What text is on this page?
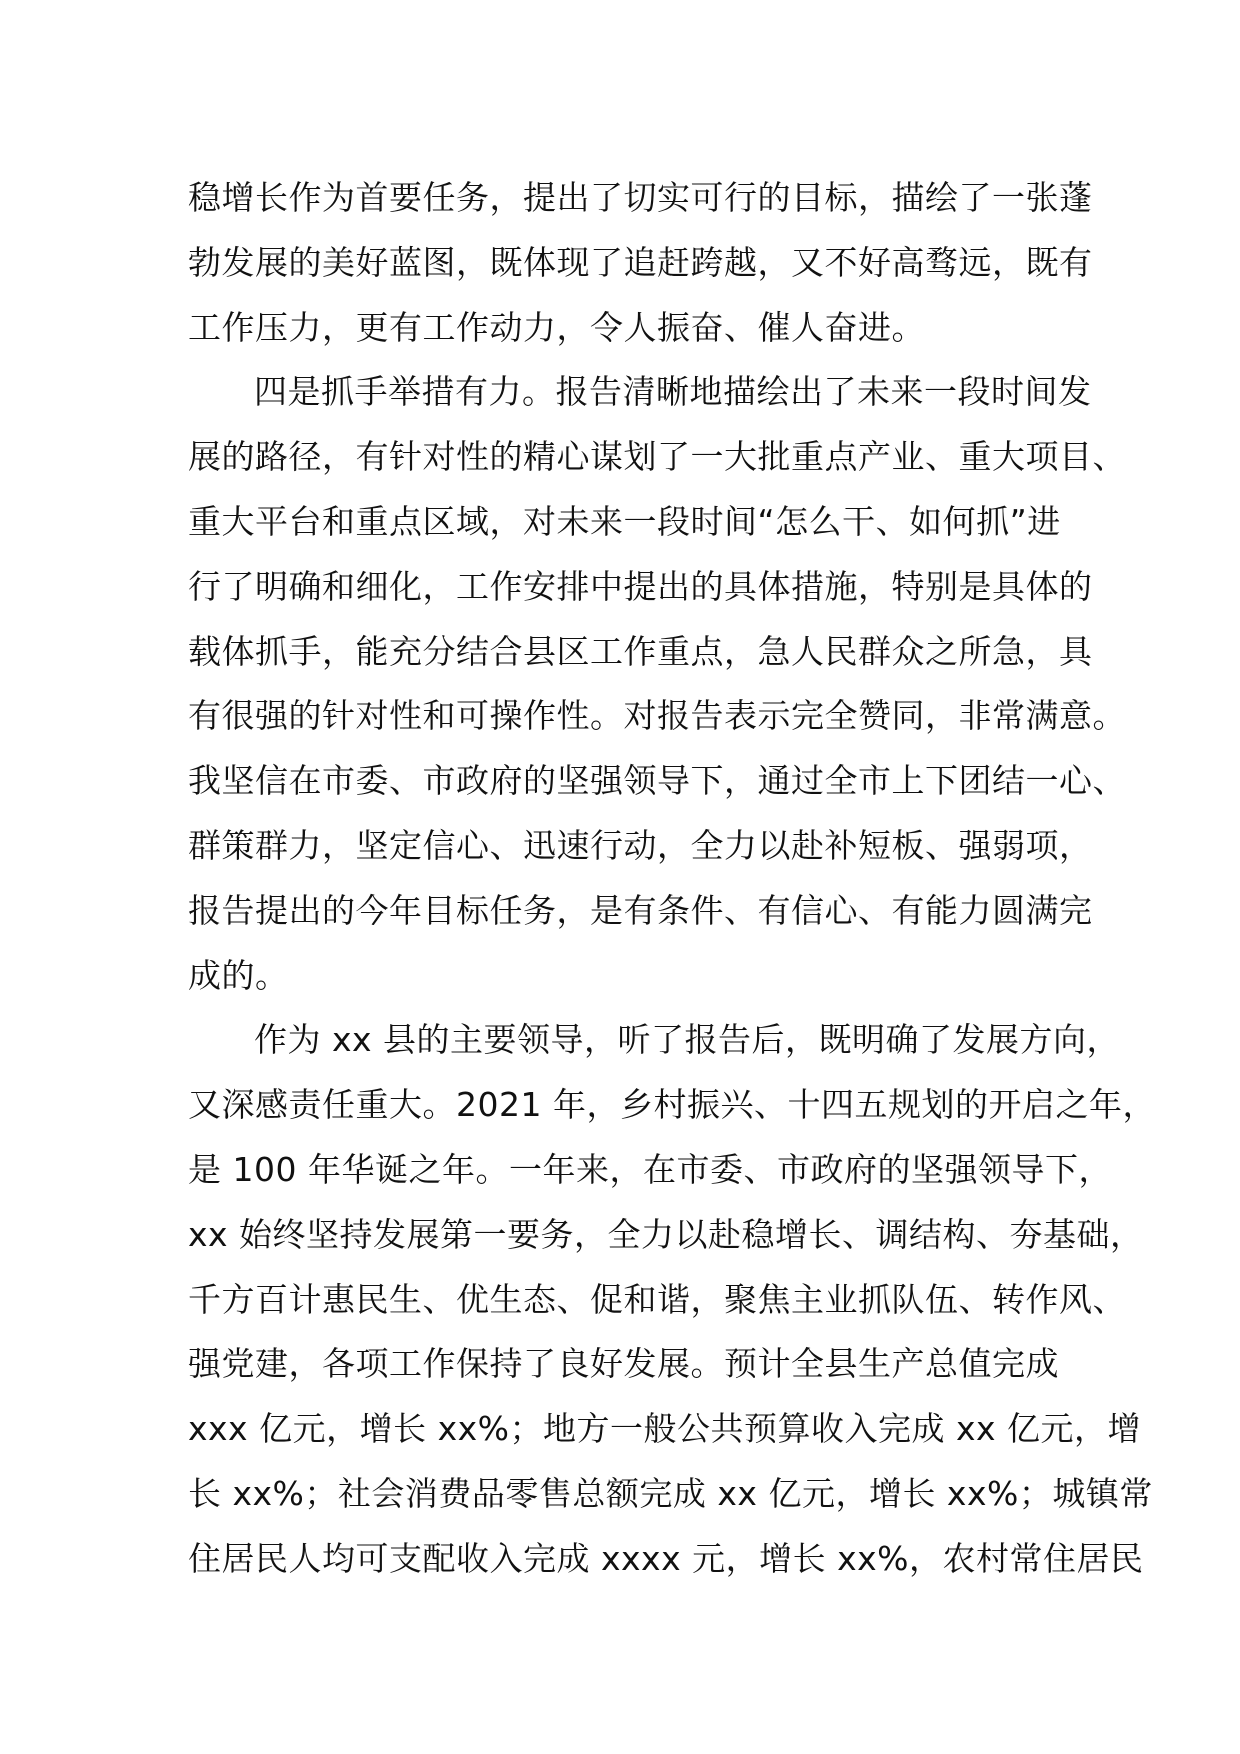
稳增长作为首要任务，提出了切实可行的目标，描绘了一张蓬
勃发展的美好蓝图，既体现了追赶跨越，又不好高骛远，既有
工作压力，更有工作动力，令人振奋、催人奋进。

四是抓手举措有力。报告清晰地描绘出了未来一段时间发
展的路径，有针对性的精心谋划了一大批重点产业、重大项目、
重大平台和重点区域，对未来一段时间“怎么干、如何抓”进
行了明确和细化，工作安排中提出的具体措施，特别是具体的
载体抓手，能充分结合县区工作重点，急人民群众之所急，具
有很强的针对性和可操作性。对报告表示完全赞同，非常满意。
我坚信在市委、市政府的坚强领导下，通过全市上下团结一心、
群策群力，坚定信心、迅速行动，全力以赴补短板、强弱项，
报告提出的今年目标任务，是有条件、有信心、有能力圆满完
成的。

作为 xx 县的主要领导，听了报告后，既明确了发展方向，
又深感责任重大。2021 年，乡村振兴、十四五规划的开启之年，
是 100 年华诞之年。一年来，在市委、市政府的坚强领导下，
xx 始终坚持发展第一要务，全力以赴稳增长、调结构、夯基础，
千方百计惠民生、优生态、促和谐，聚焦主业抓队伍、转作风、
强党建，各项工作保持了良好发展。预计全县生产总值完成
xxx 亿元，增长 xx%；地方一般公共预算收入完成 xx 亿元，增
长 xx%；社会消费品零售总额完成 xx 亿元，增长 xx%；城镇常
住居民人均可支配收入完成 xxxx 元，增长 xx%，农村常住居民
